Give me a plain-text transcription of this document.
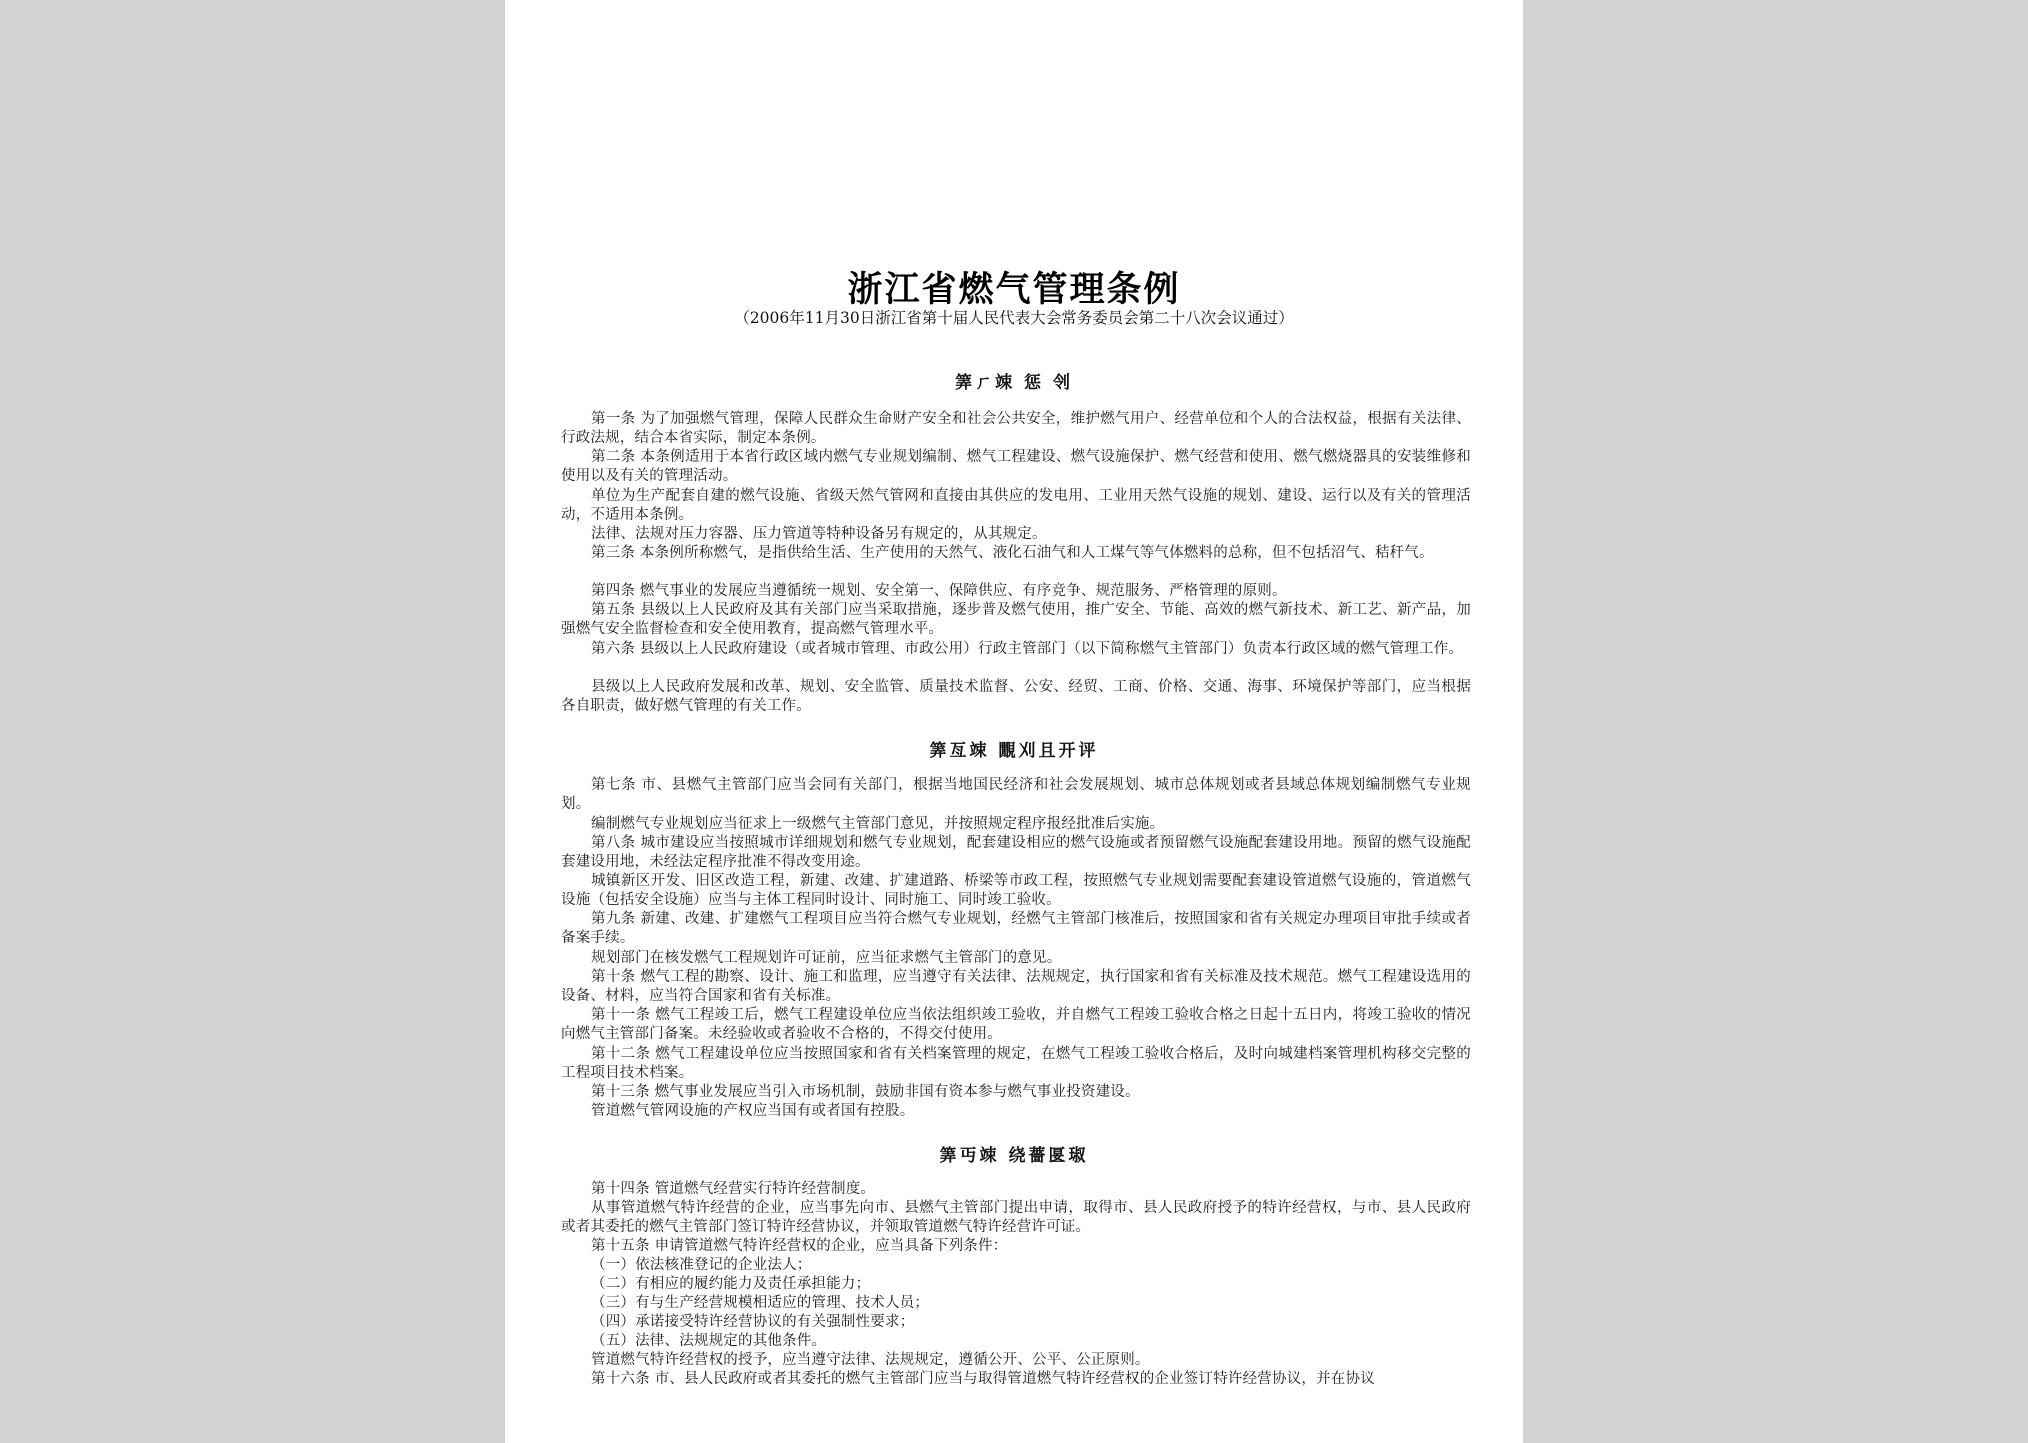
浙江省燃气管理条例
（2006年11月30日浙江省第十届人民代表大会常务委员会第二十八次会议通过）
筭ㄏ竦 惩 刢
第一条 为了加强燃气管理，保障人民群众生命财产安全和社会公共安全，维护燃气用户、经营单位和个人的合法权益，根据有关法律、行政法规，结合本省实际，制定本条例。
第二条 本条例适用于本省行政区域内燃气专业规划编制、燃气工程建设、燃气设施保护、燃气经营和使用、燃气燃烧器具的安装维修和使用以及有关的管理活动。
单位为生产配套自建的燃气设施、省级天然气管网和直接由其供应的发电用、工业用天然气设施的规划、建设、运行以及有关的管理活动，不适用本条例。
法律、法规对压力容器、压力管道等特种设备另有规定的，从其规定。
第三条 本条例所称燃气，是指供给生活、生产使用的天然气、液化石油气和人工煤气等气体燃料的总称，但不包括沼气、秸秆气。
第四条 燃气事业的发展应当遵循统一规划、安全第一、保障供应、有序竞争、规范服务、严格管理的原则。
第五条 县级以上人民政府及其有关部门应当采取措施，逐步普及燃气使用，推广安全、节能、高效的燃气新技术、新工艺、新产品，加强燃气安全监督检查和安全使用教育，提高燃气管理水平。
第六条 县级以上人民政府建设（或者城市管理、市政公用）行政主管部门（以下简称燃气主管部门）负责本行政区域的燃气管理工作。
县级以上人民政府发展和改革、规划、安全监管、质量技术监督、公安、经贸、工商、价格、交通、海事、环境保护等部门，应当根据各自职责，做好燃气管理的有关工作。
筭亙竦 覵刈且开评
第七条 市、县燃气主管部门应当会同有关部门，根据当地国民经济和社会发展规划、城市总体规划或者县域总体规划编制燃气专业规划。
编制燃气专业规划应当征求上一级燃气主管部门意见，并按照规定程序报经批准后实施。
第八条 城市建设应当按照城市详细规划和燃气专业规划，配套建设相应的燃气设施或者预留燃气设施配套建设用地。预留的燃气设施配套建设用地，未经法定程序批准不得改变用途。
城镇新区开发、旧区改造工程，新建、改建、扩建道路、桥梁等市政工程，按照燃气专业规划需要配套建设管道燃气设施的，管道燃气设施（包括安全设施）应当与主体工程同时设计、同时施工、同时竣工验收。
第九条 新建、改建、扩建燃气工程项目应当符合燃气专业规划，经燃气主管部门核准后，按照国家和省有关规定办理项目审批手续或者备案手续。
规划部门在核发燃气工程规划许可证前，应当征求燃气主管部门的意见。
第十条 燃气工程的勘察、设计、施工和监理，应当遵守有关法律、法规规定，执行国家和省有关标准及技术规范。燃气工程建设选用的设备、材料，应当符合国家和省有关标准。
第十一条 燃气工程竣工后，燃气工程建设单位应当依法组织竣工验收，并自燃气工程竣工验收合格之日起十五日内，将竣工验收的情况向燃气主管部门备案。未经验收或者验收不合格的，不得交付使用。
第十二条 燃气工程建设单位应当按照国家和省有关档案管理的规定，在燃气工程竣工验收合格后，及时向城建档案管理机构移交完整的工程项目技术档案。
第十三条 燃气事业发展应当引入市场机制，鼓励非国有资本参与燃气事业投资建设。
管道燃气管网设施的产权应当国有或者国有控股。
筭丏竦 绕薔匽琡
第十四条 管道燃气经营实行特许经营制度。
从事管道燃气特许经营的企业，应当事先向市、县燃气主管部门提出申请，取得市、县人民政府授予的特许经营权，与市、县人民政府或者其委托的燃气主管部门签订特许经营协议，并领取管道燃气特许经营许可证。
第十五条 申请管道燃气特许经营权的企业，应当具备下列条件：
（一）依法核准登记的企业法人；
（二）有相应的履约能力及责任承担能力；
（三）有与生产经营规模相适应的管理、技术人员；
（四）承诺接受特许经营协议的有关强制性要求；
（五）法律、法规规定的其他条件。
管道燃气特许经营权的授予，应当遵守法律、法规规定，遵循公开、公平、公正原则。
第十六条 市、县人民政府或者其委托的燃气主管部门应当与取得管道燃气特许经营权的企业签订特许经营协议，并在协议
